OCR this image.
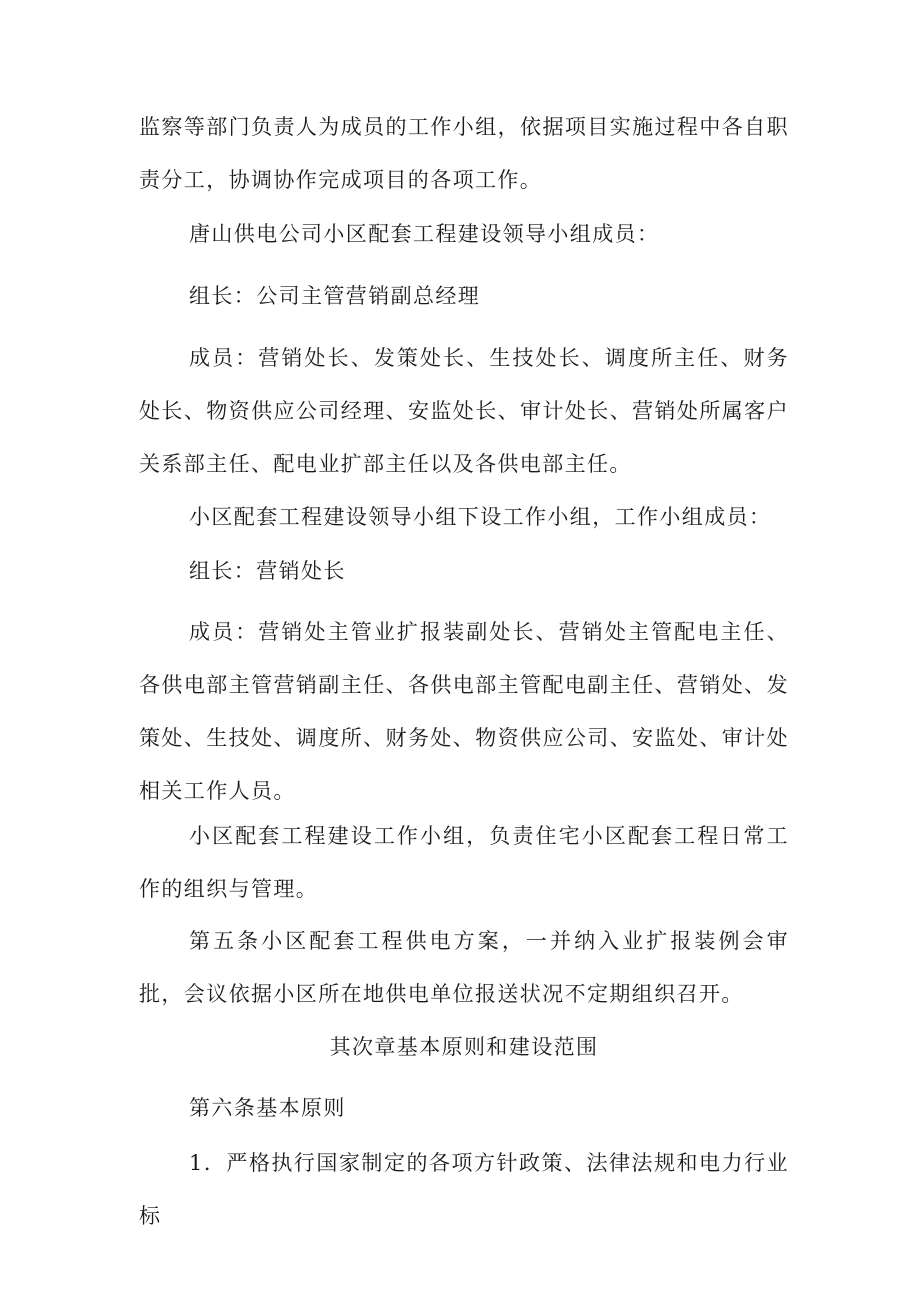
监察等部门负责人为成员的工作小组，依据项目实施过程中各自职责分工，协调协作完成项目的各项工作。

唐山供电公司小区配套工程建设领导小组成员：

组长：公司主管营销副总经理

成员：营销处长、发策处长、生技处长、调度所主任、财务处长、物资供应公司经理、安监处长、审计处长、营销处所属客户关系部主任、配电业扩部主任以及各供电部主任。

小区配套工程建设领导小组下设工作小组，工作小组成员：

组长：营销处长

成员：营销处主管业扩报装副处长、营销处主管配电主任、各供电部主管营销副主任、各供电部主管配电副主任、营销处、发策处、生技处、调度所、财务处、物资供应公司、安监处、审计处相关工作人员。

小区配套工程建设工作小组，负责住宅小区配套工程日常工作的组织与管理。

第五条小区配套工程供电方案，一并纳入业扩报装例会审批，会议依据小区所在地供电单位报送状况不定期组织召开。

其次章基本原则和建设范围

第六条基本原则

1．严格执行国家制定的各项方针政策、法律法规和电力行业标
